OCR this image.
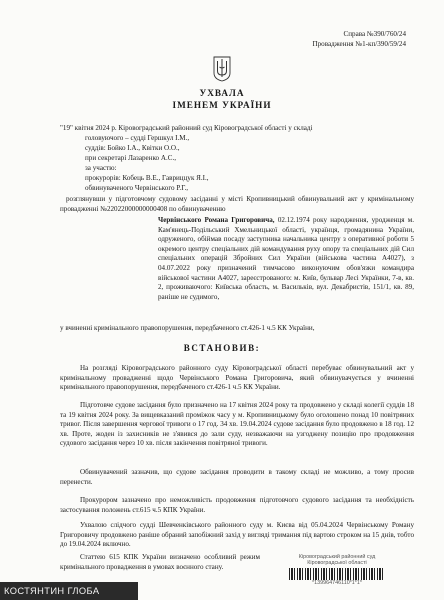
Справа №390/760/24
Провадження №1-кп/390/59/24
УХВАЛА
ІМЕНЕМ УКРАЇНИ
"19" квітня 2024 р. Кіровоградський районний суд Кіровоградської області у складі
головуючого – судді Гершкул І.М.,
суддів: Бойко І.А., Квітки О.О.,
при секретарі Лазаренко А.С.,
за участю:
прокурорів: Кобець В.Е., Гавриццук Я.І.,
обвинуваченого Червінського Р.Г.,
розглянувши у підготовчому судовому засіданні у місті Кропивницький обвинувальний акт у кримінальному провадженні №22022000000000408 по обвинуваченню
Червінського Романа Григоровича, 02.12.1974 року народження, уродженця м. Кам'янець-Подільський Хмельницької області, українця, громадянина України, одруженого, обіймав посаду заступника начальника центру з оперативної роботи 5 окремого центру спеціальних дій командування руху опору та спеціальних дій Сил спеціальних операцій Збройних Сил України (військова частина А4027), з 04.07.2022 року призначений тимчасово виконуючим обов'язки командира військової частини А4027, зареєстрованого: м. Київ, бульвар Лесі Українки, 7-в, кв. 2, проживаючого: Київська область, м. Васильків, вул. Декабристів, 151/1, кв. 89, раніше не судимого,
у вчиненні кримінального правопорушення, передбаченого ст.426-1 ч.5 КК України,
ВСТАНОВИВ:
На розгляді Кіровоградського районного суду Кіровоградської області перебуває обвинувальний акт у кримінальному провадженні щодо Червінського Романа Григоровича, який обвинувачується у вчиненні кримінального правопорушення, передбаченого ст.426-1 ч.5 КК України.
Підготовче судове засідання було призначено на 17 квітня 2024 року та продовжено у складі колегії суддів 18 та 19 квітня 2024 року. За вищевказаний проміжок часу у м. Кропивницькому було оголошено понад 10 повітряних тривог. Після завершення чергової тривоги о 17 год. 34 хв. 19.04.2024 судове засідання було продовжено в 18 год. 12 хв. Проте, жоден із захисників не з'явився до зали суду, незважаючи на узгоджену позицію про продовження судового засідання через 10 хв. після закінчення повітряної тривоги.
Обвинувачений зазначив, що судове засідання проводити в такому складі не можливо, а тому просив перенести.
Прокурором зазначено про неможливість продовження підготовчого судового засідання та необхідність застосування положень ст.615 ч.5 КПК України.
Ухвалою слідчого судді Шевченківського районного суду м. Києва від 05.04.2024 Червінському Роману Григоровичу продовжено раніше обраний запобіжний захід у вигляді тримання під вартою строком на 15 днів, тобто до 19.04.2024 включно.
Статтею 615 КПК України визначено особливий режим кримінального провадження в умовах воєнного стану.
Кіровоградський районний суд
Кіровоградської області
*139964746110*1*1*
КОСТЯНТИН ГЛОБА
